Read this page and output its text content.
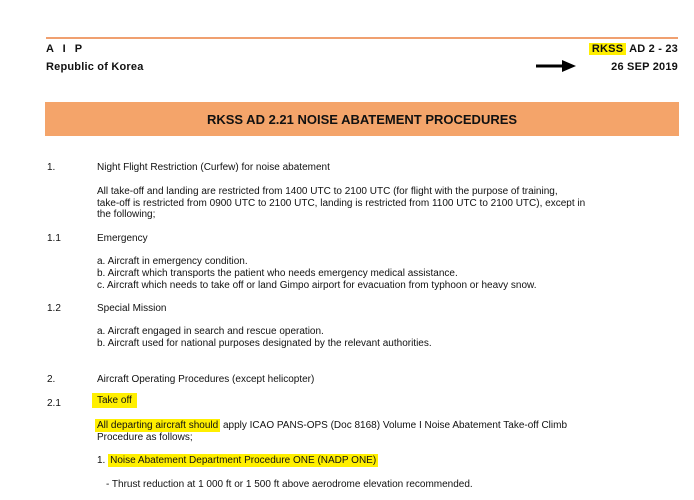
A I P
Republic of Korea
RKSS AD 2 - 23
26 SEP 2019
RKSS AD 2.21 NOISE ABATEMENT PROCEDURES
1.	Night Flight Restriction (Curfew) for noise abatement
All take-off and landing are restricted from 1400 UTC to 2100 UTC (for flight with the purpose of training,
take-off is restricted from 0900 UTC to 2100 UTC, landing is restricted from 1100 UTC to 2100 UTC), except in
the following;
1.1	Emergency
a. Aircraft in emergency condition.
b. Aircraft which transports the patient who needs emergency medical assistance.
c. Aircraft which needs to take off or land Gimpo airport for evacuation from typhoon or heavy snow.
1.2	Special Mission
a. Aircraft engaged in search and rescue operation.
b. Aircraft used for national purposes designated by the relevant authorities.
2.	Aircraft Operating Procedures (except helicopter)
2.1	Take off
All departing aircraft should apply ICAO PANS-OPS (Doc 8168) Volume I Noise Abatement Take-off Climb
Procedure as follows;
1. Noise Abatement Department Procedure ONE (NADP ONE)
- Thrust reduction at 1 000 ft or 1 500 ft above aerodrome elevation recommended.
